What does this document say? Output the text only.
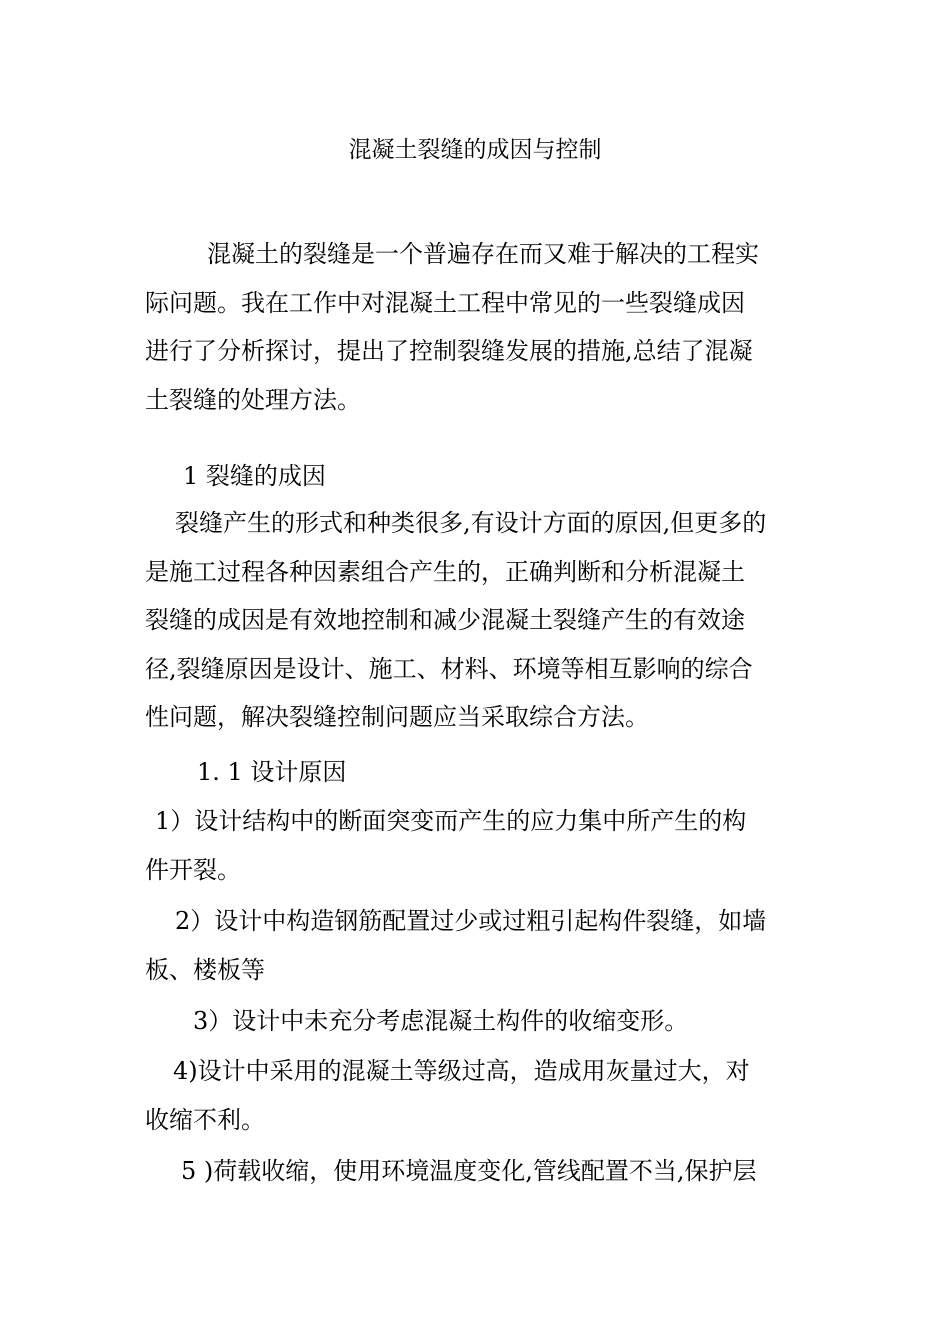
混凝土裂缝的成因与控制

混凝土的裂缝是一个普遍存在而又难于解决的工程实
际问题。我在工作中对混凝土工程中常见的一些裂缝成因
进行了分析探讨，提出了控制裂缝发展的措施,总结了混凝
土裂缝的处理方法。

1 裂缝的成因

裂缝产生的形式和种类很多,有设计方面的原因,但更多的
是施工过程各种因素组合产生的，正确判断和分析混凝土
裂缝的成因是有效地控制和减少混凝土裂缝产生的有效途
径,裂缝原因是设计、施工、材料、环境等相互影响的综合
性问题，解决裂缝控制问题应当采取综合方法。

1. 1 设计原因

1）设计结构中的断面突变而产生的应力集中所产生的构
件开裂。

2）设计中构造钢筋配置过少或过粗引起构件裂缝，如墙
板、楼板等

3）设计中未充分考虑混凝土构件的收缩变形。

4)设计中采用的混凝土等级过高，造成用灰量过大，对
收缩不利。

5 )荷载收缩，使用环境温度变化,管线配置不当,保护层
